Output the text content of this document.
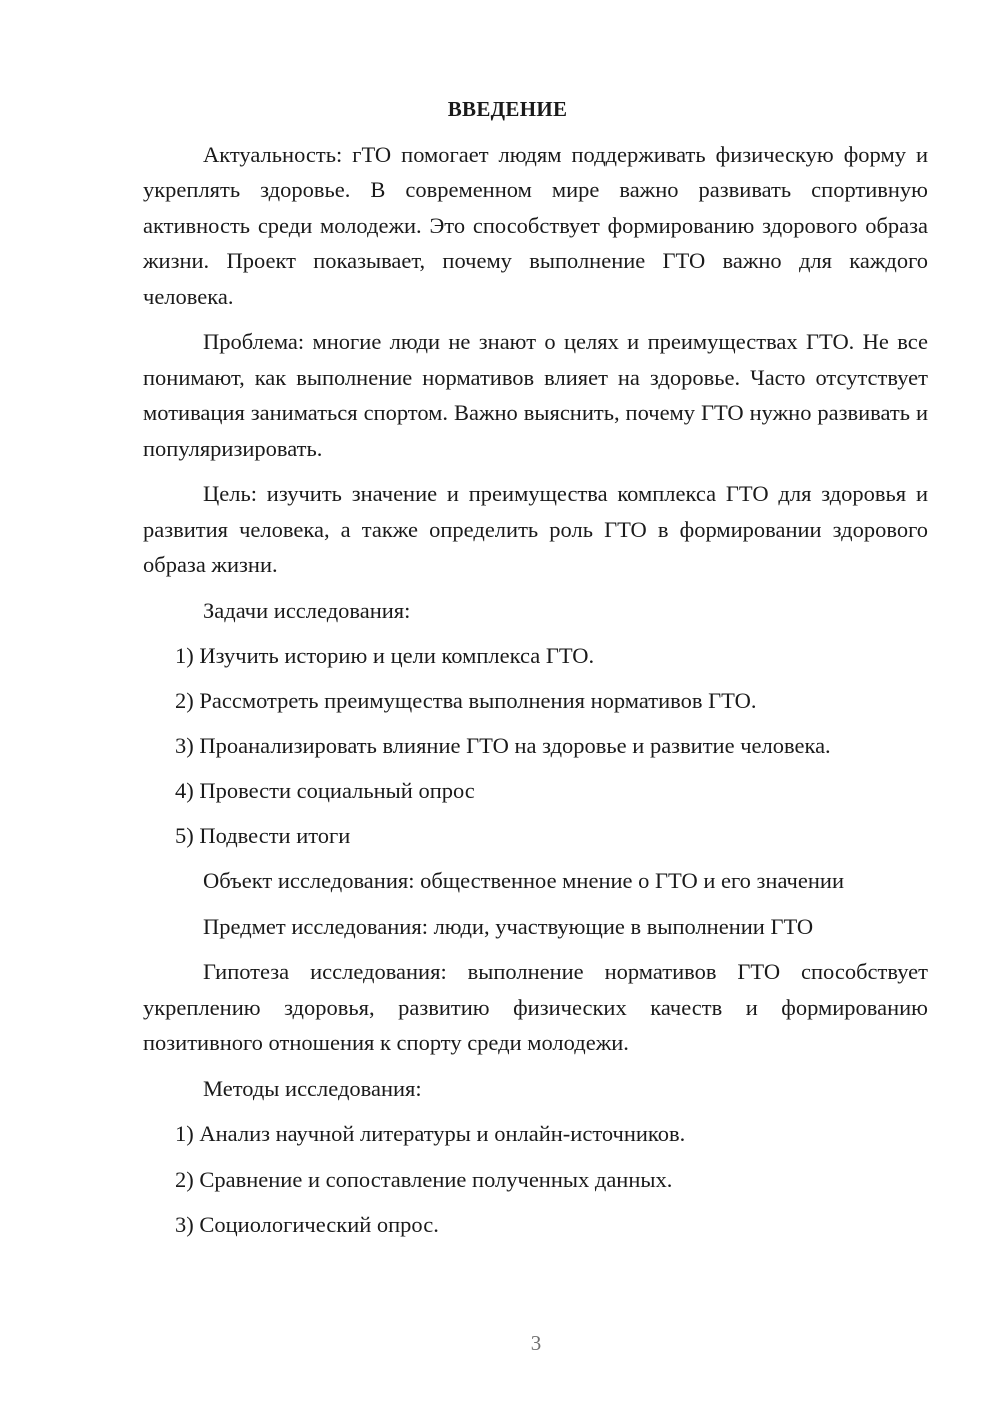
ВВЕДЕНИЕ

Актуальность: гТО помогает людям поддерживать физическую форму и укреплять здоровье. В современном мире важно развивать спортивную активность среди молодежи. Это способствует формированию здорового образа жизни. Проект показывает, почему выполнение ГТО важно для каждого человека.

Проблема: многие люди не знают о целях и преимуществах ГТО. Не все понимают, как выполнение нормативов влияет на здоровье. Часто отсутствует мотивация заниматься спортом. Важно выяснить, почему ГТО нужно развивать и популяризировать.

Цель: изучить значение и преимущества комплекса ГТО для здоровья и развития человека, а также определить роль ГТО в формировании здорового образа жизни.

Задачи исследования:

1) Изучить историю и цели комплекса ГТО.
2) Рассмотреть преимущества выполнения нормативов ГТО.
3) Проанализировать влияние ГТО на здоровье и развитие человека.
4) Провести социальный опрос
5) Подвести итоги

Объект исследования: общественное мнение о ГТО и его значении

Предмет исследования: люди, участвующие в выполнении ГТО

Гипотеза исследования: выполнение нормативов ГТО способствует укреплению здоровья, развитию физических качеств и формированию позитивного отношения к спорту среди молодежи.

Методы исследования:

1) Анализ научной литературы и онлайн-источников.
2) Сравнение и сопоставление полученных данных.
3) Социологический опрос.
3
